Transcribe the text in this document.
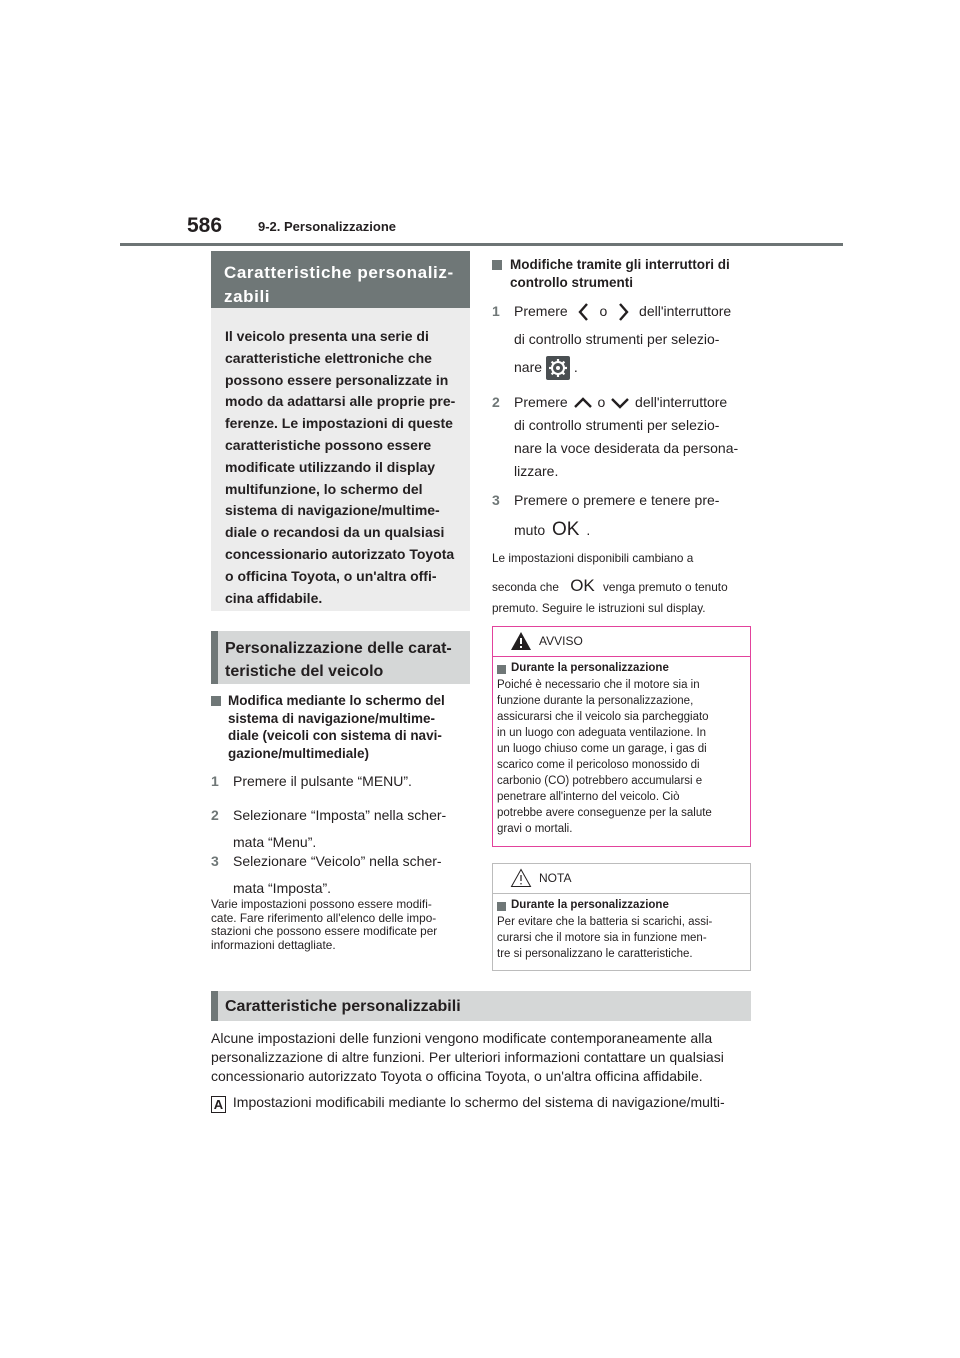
586	9-2. Personalizzazione
Caratteristiche personaliz-
zabili
Il veicolo presenta una serie di
caratteristiche elettroniche che
possono essere personalizzate in
modo da adattarsi alle proprie pre-
ferenze. Le impostazioni di queste
caratteristiche possono essere
modificate utilizzando il display
multifunzione, lo schermo del
sistema di navigazione/multime-
diale o recandosi da un qualsiasi
concessionario autorizzato Toyota
o officina Toyota, o un'altra offi-
cina affidabile.
Personalizzazione delle carat-
teristiche del veicolo
Modifica mediante lo schermo del
sistema di navigazione/multime-
diale (veicoli con sistema di navi-
gazione/multimediale)
1 Premere il pulsante “MENU”.
2 Selezionare “Imposta” nella scher-
mata “Menu”.
3 Selezionare “Veicolo” nella scher-
mata “Imposta”.
Varie impostazioni possono essere modifi-
cate. Fare riferimento all'elenco delle impo-
stazioni che possono essere modificate per
informazioni dettagliate.
Modifiche tramite gli interruttori di
controllo strumenti
1 Premere o dell'interruttore
di controllo strumenti per selezio-
nare .
2 Premere o dell'interruttore
di controllo strumenti per selezio-
nare la voce desiderata da persona-
lizzare.
3 Premere o premere e tenere pre-
muto OK .
Le impostazioni disponibili cambiano a
seconda che OK venga premuto o tenuto
premuto. Seguire le istruzioni sul display.
AVVISO
Durante la personalizzazione
Poiché è necessario che il motore sia in
funzione durante la personalizzazione,
assicurarsi che il veicolo sia parcheggiato
in un luogo con adeguata ventilazione. In
un luogo chiuso come un garage, i gas di
scarico come il pericoloso monossido di
carbonio (CO) potrebbero accumularsi e
penetrare all'interno del veicolo. Ciò
potrebbe avere conseguenze per la salute
gravi o mortali.
NOTA
Durante la personalizzazione
Per evitare che la batteria si scarichi, assi-
curarsi che il motore sia in funzione men-
tre si personalizzano le caratteristiche.
Caratteristiche personalizzabili
Alcune impostazioni delle funzioni vengono modificate contemporaneamente alla
personalizzazione di altre funzioni. Per ulteriori informazioni contattare un qualsiasi
concessionario autorizzato Toyota o officina Toyota, o un'altra officina affidabile.
A Impostazioni modificabili mediante lo schermo del sistema di navigazione/multi-
